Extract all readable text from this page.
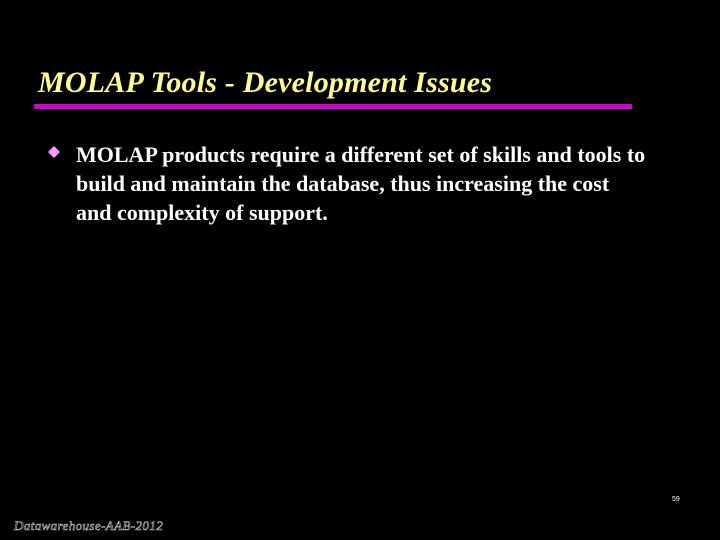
MOLAP Tools - Development Issues
MOLAP products require a different set of skills and tools to build and maintain the database, thus increasing the cost and complexity of support.
59
Datawarehouse-AAB-2012
